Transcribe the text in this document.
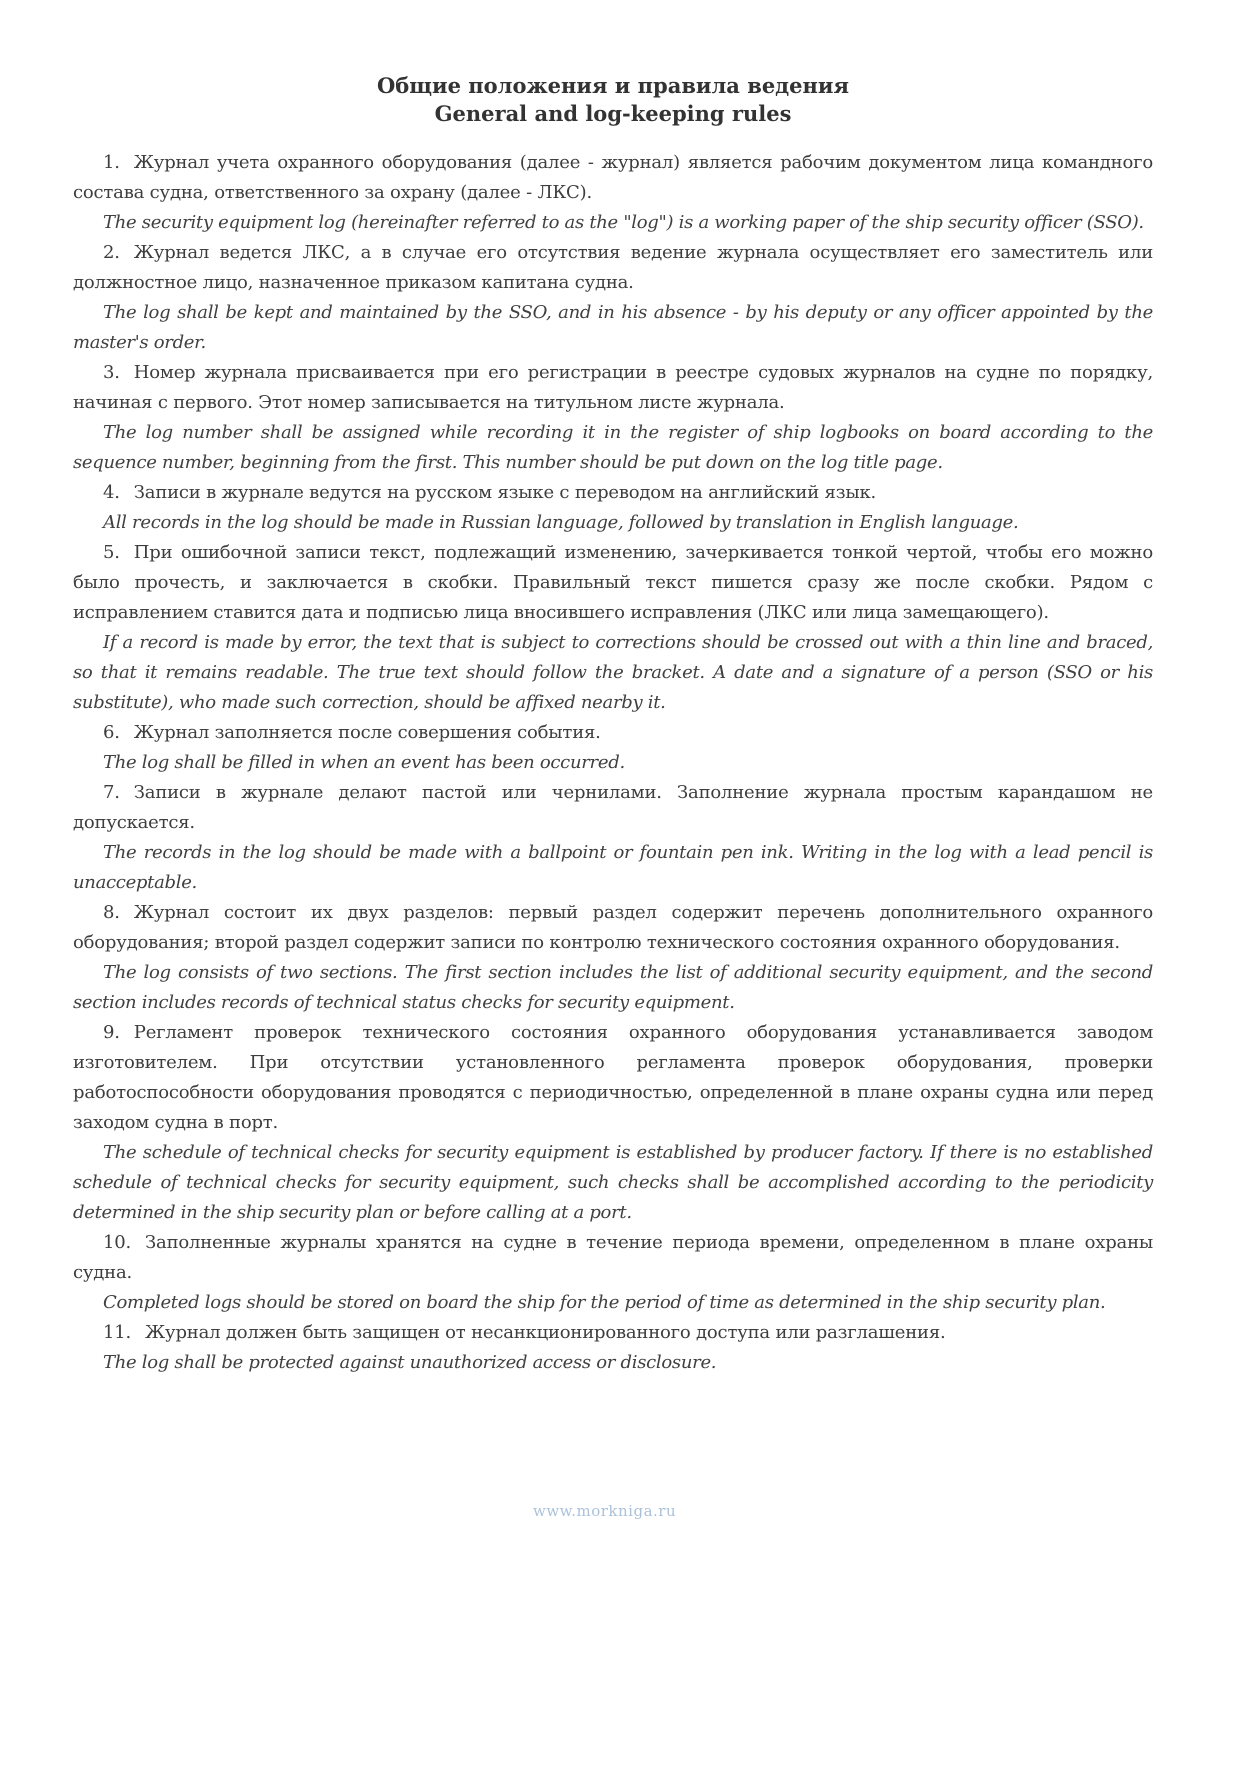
Общие положения и правила ведения
General and log-keeping rules

1. Журнал учета охранного оборудования (далее - журнал) является рабочим документом лица командного состава судна, ответственного за охрану (далее - ЛКС).

The security equipment log (hereinafter referred to as the "log") is a working paper of the ship security officer (SSO).

2. Журнал ведется ЛКС, а в случае его отсутствия ведение журнала осуществляет его заместитель или должностное лицо, назначенное приказом капитана судна.

The log shall be kept and maintained by the SSO, and in his absence - by his deputy or any officer appointed by the master's order.

3. Номер журнала присваивается при его регистрации в реестре судовых журналов на судне по порядку, начиная с первого. Этот номер записывается на титульном листе журнала.

The log number shall be assigned while recording it in the register of ship logbooks on board according to the sequence number, beginning from the first. This number should be put down on the log title page.

4. Записи в журнале ведутся на русском языке с переводом на английский язык.

All records in the log should be made in Russian language, followed by translation in English language.

5. При ошибочной записи текст, подлежащий изменению, зачеркивается тонкой чертой, чтобы его можно было прочесть, и заключается в скобки. Правильный текст пишется сразу же после скобки. Рядом с исправлением ставится дата и подписью лица вносившего исправления (ЛКС или лица замещающего).

If a record is made by error, the text that is subject to corrections should be crossed out with a thin line and braced, so that it remains readable. The true text should follow the bracket. A date and a signature of a person (SSO or his substitute), who made such correction, should be affixed nearby it.

6. Журнал заполняется после совершения события.

The log shall be filled in when an event has been occurred.

7. Записи в журнале делают пастой или чернилами. Заполнение журнала простым карандашом не допускается.

The records in the log should be made with a ballpoint or fountain pen ink. Writing in the log with a lead pencil is unacceptable.

8. Журнал состоит их двух разделов: первый раздел содержит перечень дополнительного охранного оборудования; второй раздел содержит записи по контролю технического состояния охранного оборудования.

The log consists of two sections. The first section includes the list of additional security equipment, and the second section includes records of technical status checks for security equipment.

9. Регламент проверок технического состояния охранного оборудования устанавливается заводом изготовителем. При отсутствии установленного регламента проверок оборудования, проверки работоспособности оборудования проводятся с периодичностью, определенной в плане охраны судна или перед заходом судна в порт.

The schedule of technical checks for security equipment is established by producer factory. If there is no established schedule of technical checks for security equipment, such checks shall be accomplished according to the periodicity determined in the ship security plan or before calling at a port.

10. Заполненные журналы хранятся на судне в течение периода времени, определенном в плане охраны судна.

Completed logs should be stored on board the ship for the period of time as determined in the ship security plan.

11. Журнал должен быть защищен от несанкционированного доступа или разглашения.

The log shall be protected against unauthorized access or disclosure.

www.morkniga.ru
